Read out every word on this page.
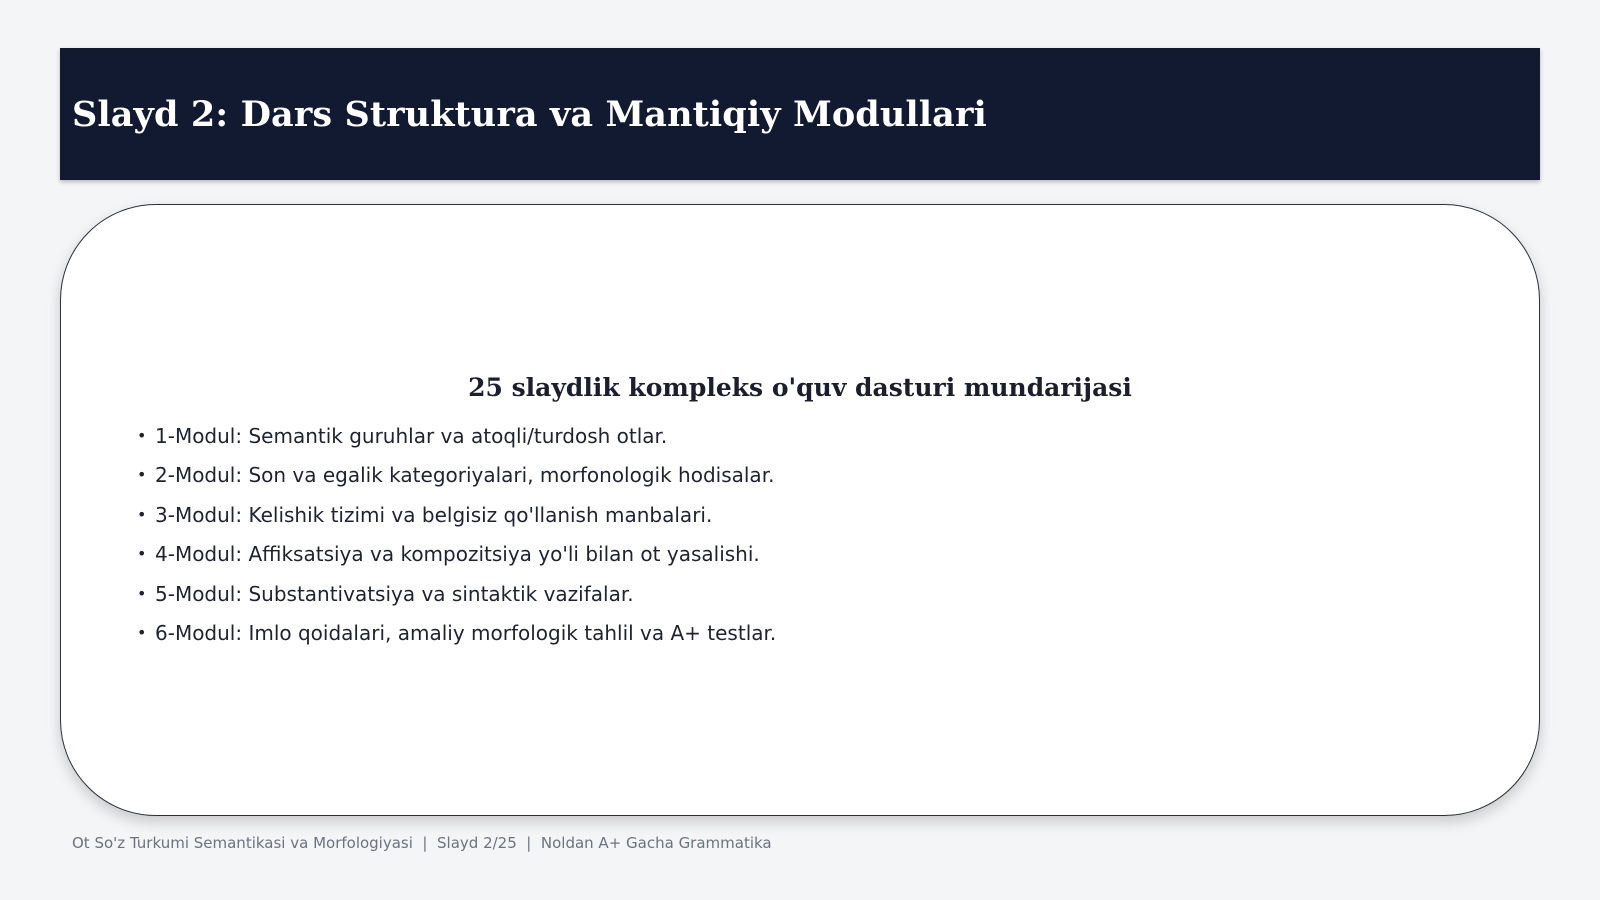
Slayd 2: Dars Struktura va Mantiqiy Modullari
25 slaydlik kompleks o'quv dasturi mundarijasi
• 1-Modul: Semantik guruhlar va atoqli/turdosh otlar.
• 2-Modul: Son va egalik kategoriyalari, morfonologik hodisalar.
• 3-Modul: Kelishik tizimi va belgisiz qo'llanish manbalari.
• 4-Modul: Affiksatsiya va kompozitsiya yo'li bilan ot yasalishi.
• 5-Modul: Substantivatsiya va sintaktik vazifalar.
• 6-Modul: Imlo qoidalari, amaliy morfologik tahlil va A+ testlar.
Ot So'z Turkumi Semantikasi va Morfologiyasi  |  Slayd 2/25  |  Noldan A+ Gacha Grammatika
